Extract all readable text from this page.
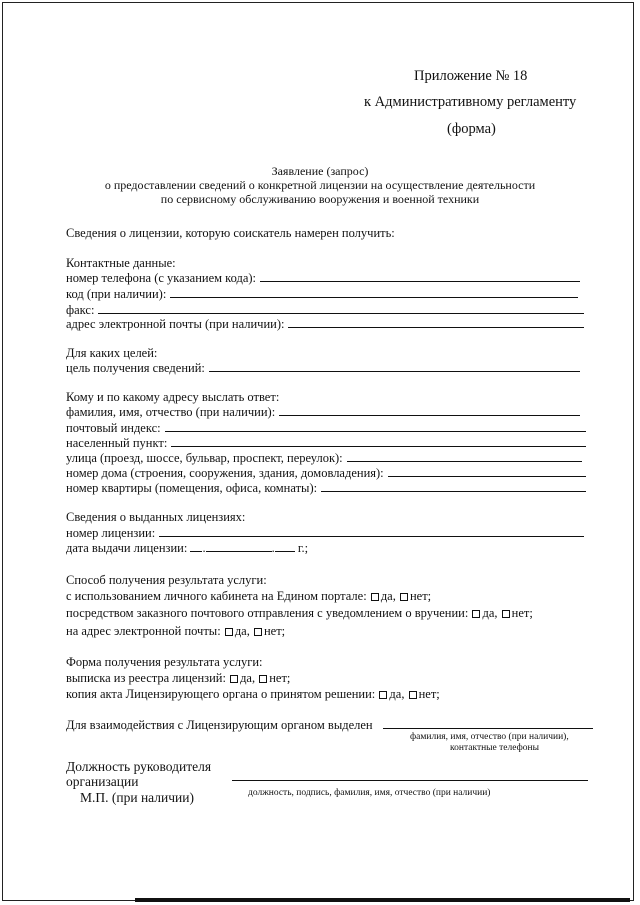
Приложение № 18
к Административному регламенту
(форма)
Заявление (запрос)
о предоставлении сведений о конкретной лицензии на осуществление деятельности
по сервисному обслуживанию вооружения и военной техники
Сведения о лицензии, которую соискатель намерен получить:
Контактные данные:
номер телефона (с указанием кода):
код (при наличии):
факс:
адрес электронной почты (при наличии):
Для каких целей:
цель получения сведений:
Кому и по какому адресу выслать ответ:
фамилия, имя, отчество (при наличии):
почтовый индекс:
населенный пункт:
улица (проезд, шоссе, бульвар, проспект, переулок):
номер дома (строения, сооружения, здания, домовладения):
номер квартиры (помещения, офиса, комнаты):
Сведения о выданных лицензиях:
номер лицензии:
дата выдачи лицензии: .	. г.;
Способ получения результата услуги:
с использованием личного кабинета на Едином портале: да, нет;
посредством заказного почтового отправления с уведомлением о вручении: да, нет;
на адрес электронной почты: да, нет;
Форма получения результата услуги:
выписка из реестра лицензий: да, нет;
копия акта Лицензирующего органа о принятом решении: да, нет;
Для взаимодействия с Лицензирующим органом выделен
фамилия, имя, отчество (при наличии),
контактные телефоны
Должность руководителя
организации
М.П. (при наличии)	должность, подпись, фамилия, имя, отчество (при наличии)
